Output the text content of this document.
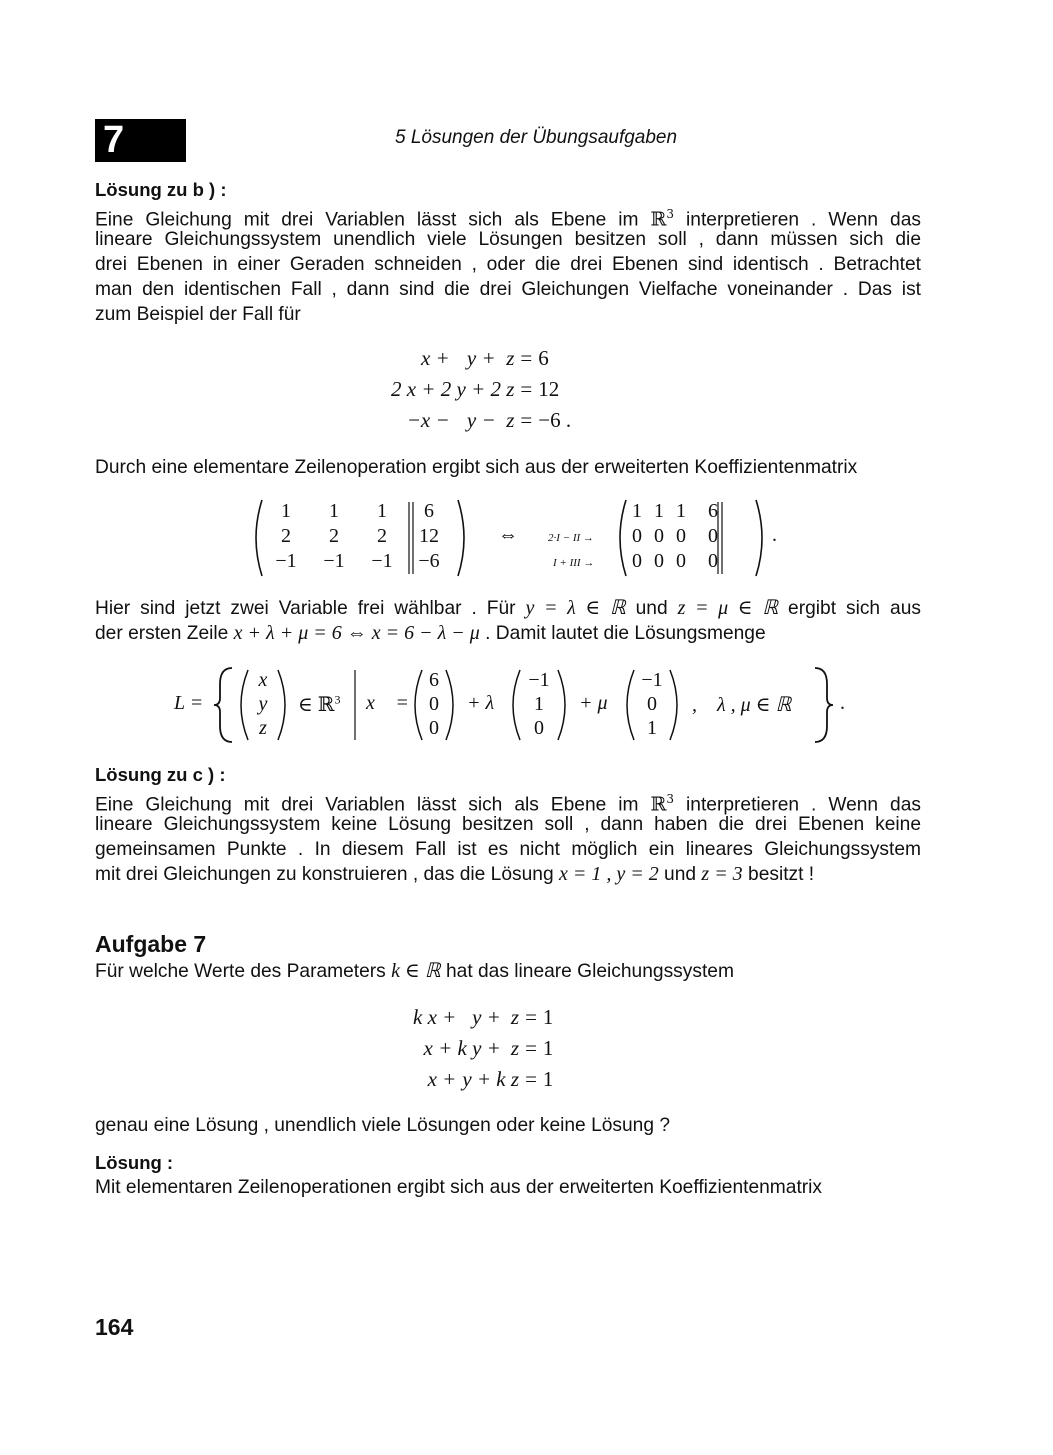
7	5 Lösungen der Übungsaufgaben
Lösung zu b ) :
Eine Gleichung mit drei Variablen lässt sich als Ebene im ℝ$^3$ interpretieren . Wenn das
lineare Gleichungssystem unendlich viele Lösungen besitzen soll , dann müssen sich die
drei Ebenen in einer Geraden schneiden , oder die drei Ebenen sind identisch . Betrachtet
man den identischen Fall , dann sind die drei Gleichungen Vielfache voneinander . Das ist
zum Beispiel der Fall für
x +	y +	z	=	6
2 x + 2 y + 2 z			=	12
−x −	y −	z	=	−6 .
Durch eine elementare Zeilenoperation ergibt sich aus der erweiterten Koeffizientenmatrix
1	1	1	6
2	2	2	12
−1	−1	−1	−6
⇔	2·I − II →
I + III →
1	1	1	6
0	0	0	0
0	0	0	0
.
Hier sind jetzt zwei Variable frei wählbar . Für y = λ ∈ ℝ und z = μ ∈ ℝ ergibt sich aus
der ersten Zeile x + λ + μ = 6 ⇔ x = 6 − λ − μ . Damit lautet die Lösungsmenge
L =
x
y
z
∈ ℝ$^3$ x⃗ =
6
0
0
+ λ
−1
1
0
+ μ
−1
0
1
,    λ , μ ∈ ℝ .
Lösung zu c ) :
Eine Gleichung mit drei Variablen lässt sich als Ebene im ℝ$^3$ interpretieren . Wenn das
lineare Gleichungssystem keine Lösung besitzen soll , dann haben die drei Ebenen keine
gemeinsamen Punkte . In diesem Fall ist es nicht möglich ein lineares Gleichungssystem
mit drei Gleichungen zu konstruieren , das die Lösung x = 1 , y = 2 und z = 3 besitzt !
Aufgabe 7
Für welche Werte des Parameters k ∈ ℝ hat das lineare Gleichungssystem
k x +	y +	z	=	1
x + k y +		z	=	1
x +	y + k z		=	1
genau eine Lösung , unendlich viele Lösungen oder keine Lösung ?
Lösung :
Mit elementaren Zeilenoperationen ergibt sich aus der erweiterten Koeffizientenmatrix
164
